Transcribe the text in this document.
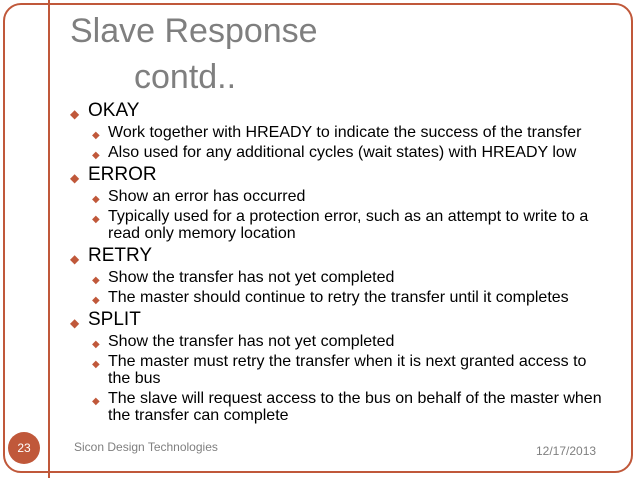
Slave Response
contd..
◆ OKAY
◆ Work together with HREADY to indicate the success of the transfer
◆ Also used for any additional cycles (wait states) with HREADY low
◆ ERROR
◆ Show an error has occurred
◆ Typically used for a protection error, such as an attempt to write to a read only memory location
◆ RETRY
◆ Show the transfer has not yet completed
◆ The master should continue to retry the transfer until it completes
◆ SPLIT
◆ Show the transfer has not yet completed
◆ The master must retry the transfer when it is next granted access to the bus
◆ The slave will request access to the bus on behalf of the master when the transfer can complete
23	Sicon Design Technologies	12/17/2013
